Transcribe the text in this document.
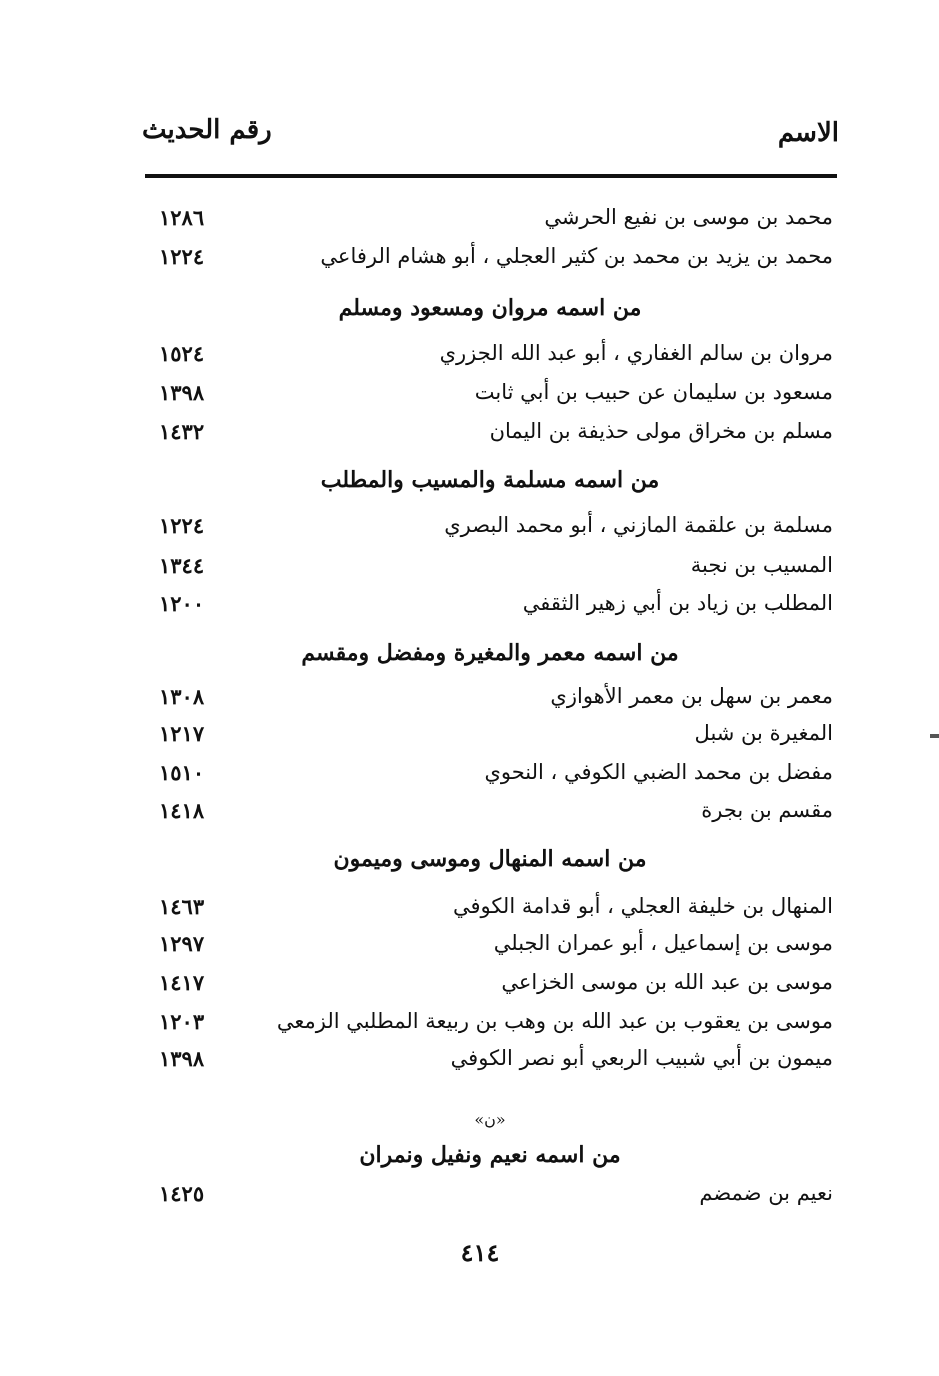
الاسم
رقم الحديث
محمد بن موسى بن نفيع الحرشي
١٢٨٦
محمد بن يزيد بن محمد بن كثير العجلي ، أبو هشام الرفاعي
١٢٢٤
من اسمه مروان ومسعود ومسلم
مروان بن سالم الغفاري ، أبو عبد الله الجزري
١٥٢٤
مسعود بن سليمان عن حبيب بن أبي ثابت
١٣٩٨
مسلم بن مخراق مولى حذيفة بن اليمان
١٤٣٢
من اسمه مسلمة والمسيب والمطلب
مسلمة بن علقمة المازني ، أبو محمد البصري
١٢٢٤
المسيب بن نجبة
١٣٤٤
المطلب بن زياد بن أبي زهير الثقفي
١٢٠٠
من اسمه معمر والمغيرة ومفضل ومقسم
معمر بن سهل بن معمر الأهوازي
١٣٠٨
المغيرة بن شبل
١٢١٧
مفضل بن محمد الضبي الكوفي ، النحوي
١٥١٠
مقسم بن بجرة
١٤١٨
من اسمه المنهال وموسى وميمون
المنهال بن خليفة العجلي ، أبو قدامة الكوفي
١٤٦٣
موسى بن إسماعيل ، أبو عمران الجبلي
١٢٩٧
موسى بن عبد الله بن موسى الخزاعي
١٤١٧
موسى بن يعقوب بن عبد الله بن وهب بن ربيعة المطلبي الزمعي
١٢٠٣
ميمون بن أبي شبيب الربعي أبو نصر الكوفي
١٣٩٨
«ن»
من اسمه نعيم ونفيل ونمران
نعيم بن ضمضم
١٤٢٥
٤١٤
